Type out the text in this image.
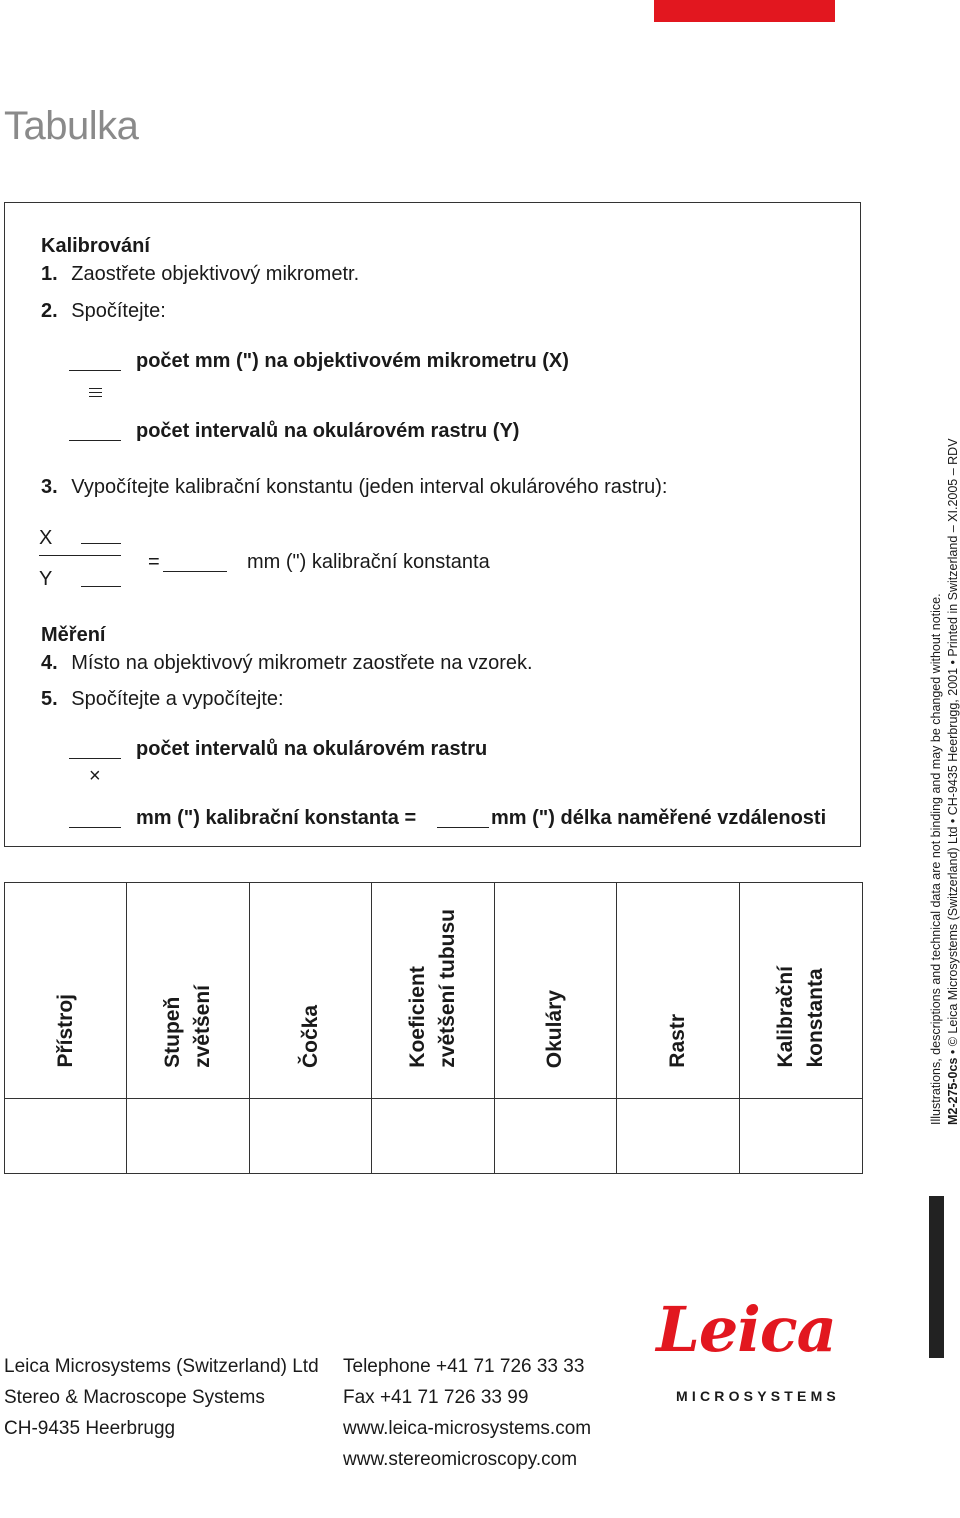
Tabulka
Kalibrování
1. Zaostřete objektivový mikrometr.
2. Spočítejte:
počet mm (") na objektivovém mikrometru (X)
počet intervalů na okulárovém rastru (Y)
3. Vypočítejte kalibrační konstantu (jeden interval okulárového rastru):
X
Y
=	mm (") kalibrační konstanta
Měření
4. Místo na objektivový mikrometr zaostřete na vzorek.
5. Spočítejte a vypočítejte:
počet intervalů na okulárovém rastru
×
mm (") kalibrační konstanta =	mm (") délka naměřené vzdálenosti
Přístroj	Stupeň zvětšení	Čočka	Koeficient zvětšení tubusu	Okuláry	Rastr	Kalibrační konstanta	Illustrations, descriptions and technical data are not binding and may be changed without notice. M2-275-0cs • © Leica Microsystems (Switzerland) Ltd • CH-9435 Heerbrugg, 2001 • Printed in Switzerland – XI.2005 – RDV
Leica Microsystems (Switzerland) Ltd
Stereo & Macroscope Systems
CH-9435 Heerbrugg
Telephone +41 71 726 33 33
Fax +41 71 726 33 99
www.leica-microsystems.com
www.stereomicroscopy.com
Leica
MICROSYSTEMS
